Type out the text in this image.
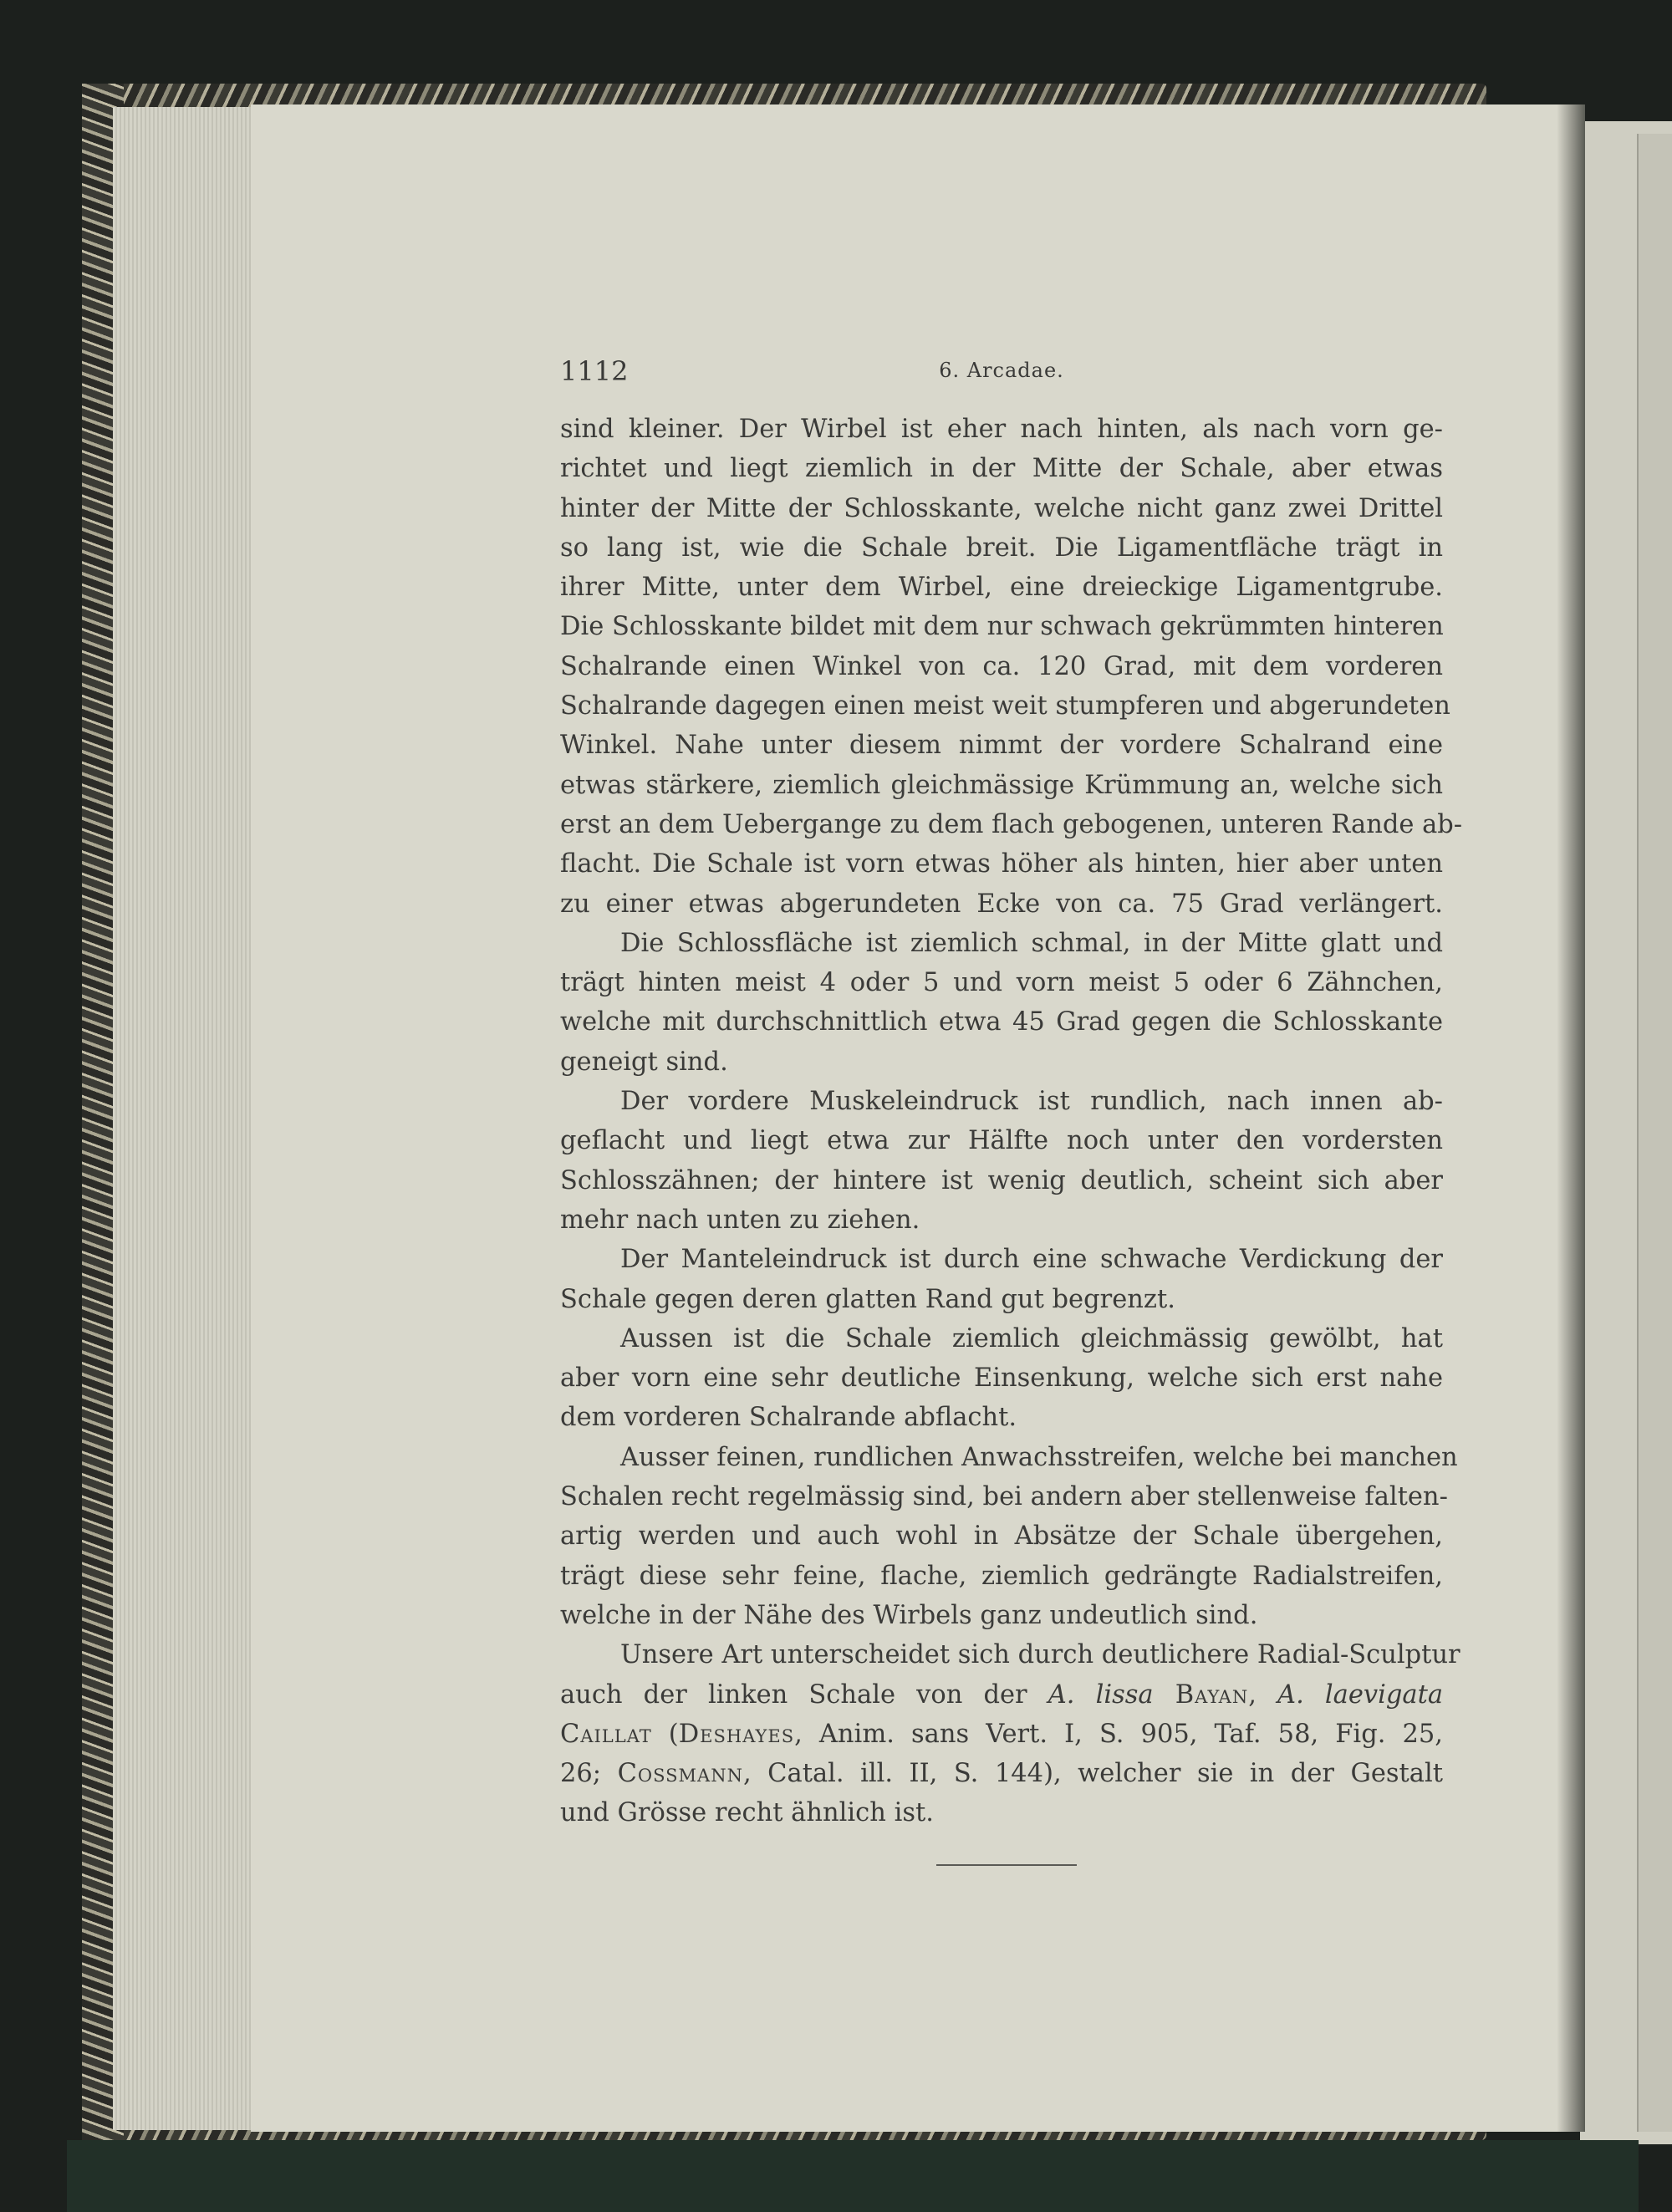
1112	6. Arcadae.
sind kleiner. Der Wirbel ist eher nach hinten, als nach vorn ge-
richtet und liegt ziemlich in der Mitte der Schale, aber etwas
hinter der Mitte der Schlosskante, welche nicht ganz zwei Drittel
so lang ist, wie die Schale breit. Die Ligamentfläche trägt in
ihrer Mitte, unter dem Wirbel, eine dreieckige Ligamentgrube.
Die Schlosskante bildet mit dem nur schwach gekrümmten hinteren
Schalrande einen Winkel von ca. 120 Grad, mit dem vorderen
Schalrande dagegen einen meist weit stumpferen und abgerundeten
Winkel. Nahe unter diesem nimmt der vordere Schalrand eine
etwas stärkere, ziemlich gleichmässige Krümmung an, welche sich
erst an dem Uebergange zu dem flach gebogenen, unteren Rande ab-
flacht. Die Schale ist vorn etwas höher als hinten, hier aber unten
zu einer etwas abgerundeten Ecke von ca. 75 Grad verlängert.
Die Schlossfläche ist ziemlich schmal, in der Mitte glatt und
trägt hinten meist 4 oder 5 und vorn meist 5 oder 6 Zähnchen,
welche mit durchschnittlich etwa 45 Grad gegen die Schlosskante
geneigt sind.
Der vordere Muskeleindruck ist rundlich, nach innen ab-
geflacht und liegt etwa zur Hälfte noch unter den vordersten
Schlosszähnen; der hintere ist wenig deutlich, scheint sich aber
mehr nach unten zu ziehen.
Der Manteleindruck ist durch eine schwache Verdickung der
Schale gegen deren glatten Rand gut begrenzt.
Aussen ist die Schale ziemlich gleichmässig gewölbt, hat
aber vorn eine sehr deutliche Einsenkung, welche sich erst nahe
dem vorderen Schalrande abflacht.
Ausser feinen, rundlichen Anwachsstreifen, welche bei manchen
Schalen recht regelmässig sind, bei andern aber stellenweise falten-
artig werden und auch wohl in Absätze der Schale übergehen,
trägt diese sehr feine, flache, ziemlich gedrängte Radialstreifen,
welche in der Nähe des Wirbels ganz undeutlich sind.
Unsere Art unterscheidet sich durch deutlichere Radial-Sculptur
auch der linken Schale von der A. lissa Bayan, A. laevigata
Caillat (Deshayes, Anim. sans Vert. I, S. 905, Taf. 58, Fig. 25,
26; Cossmann, Catal. ill. II, S. 144), welcher sie in der Gestalt
und Grösse recht ähnlich ist.
